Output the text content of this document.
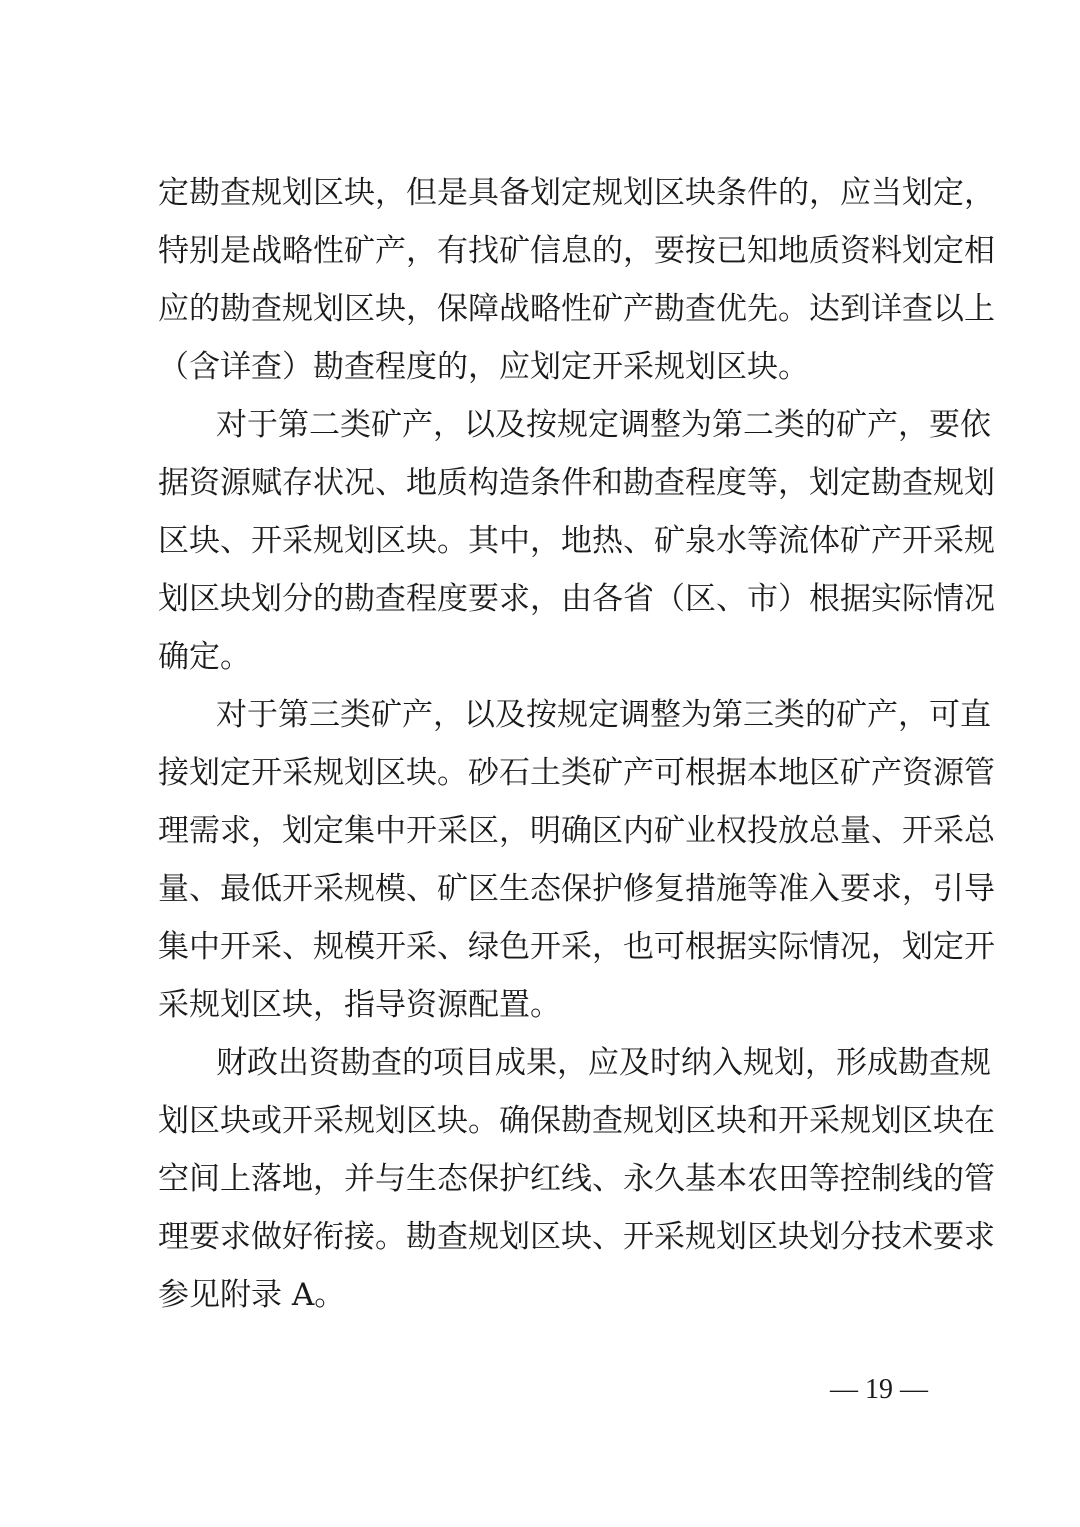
定勘查规划区块，但是具备划定规划区块条件的，应当划定，
特别是战略性矿产，有找矿信息的，要按已知地质资料划定相
应的勘查规划区块，保障战略性矿产勘查优先。达到详查以上
（含详查）勘查程度的，应划定开采规划区块。
对于第二类矿产，以及按规定调整为第二类的矿产，要依
据资源赋存状况、地质构造条件和勘查程度等，划定勘查规划
区块、开采规划区块。其中，地热、矿泉水等流体矿产开采规
划区块划分的勘查程度要求，由各省（区、市）根据实际情况
确定。
对于第三类矿产，以及按规定调整为第三类的矿产，可直
接划定开采规划区块。砂石土类矿产可根据本地区矿产资源管
理需求，划定集中开采区，明确区内矿业权投放总量、开采总
量、最低开采规模、矿区生态保护修复措施等准入要求，引导
集中开采、规模开采、绿色开采，也可根据实际情况，划定开
采规划区块，指导资源配置。
财政出资勘查的项目成果，应及时纳入规划，形成勘查规
划区块或开采规划区块。确保勘查规划区块和开采规划区块在
空间上落地，并与生态保护红线、永久基本农田等控制线的管
理要求做好衔接。勘查规划区块、开采规划区块划分技术要求
参见附录 A。
— 19 —
